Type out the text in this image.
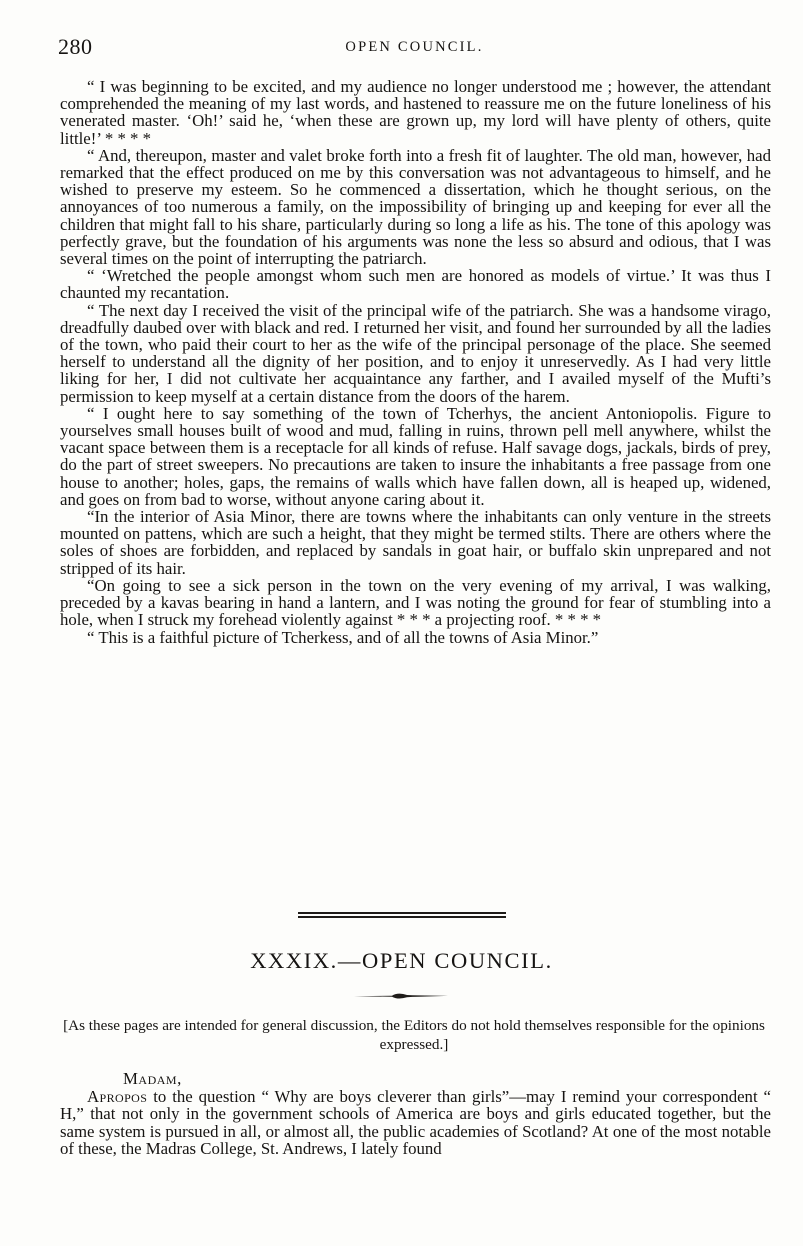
280	OPEN COUNCIL.

“ I was beginning to be excited, and my audience no longer understood me ; however, the attendant comprehended the meaning of my last words, and hastened to reassure me on the future loneliness of his venerated master. ‘Oh!’ said he, ‘when these are grown up, my lord will have plenty of others, quite little!’ * * * *

“ And, thereupon, master and valet broke forth into a fresh fit of laughter. The old man, however, had remarked that the effect produced on me by this conversation was not advantageous to himself, and he wished to preserve my esteem. So he commenced a dissertation, which he thought serious, on the annoyances of too numerous a family, on the impossibility of bringing up and keeping for ever all the children that might fall to his share, particularly during so long a life as his. The tone of this apology was perfectly grave, but the foundation of his arguments was none the less so absurd and odious, that I was several times on the point of interrupting the patriarch.

“ ‘Wretched the people amongst whom such men are honored as models of virtue.’ It was thus I chaunted my recantation.

“ The next day I received the visit of the principal wife of the patriarch. She was a handsome virago, dreadfully daubed over with black and red. I returned her visit, and found her surrounded by all the ladies of the town, who paid their court to her as the wife of the principal personage of the place. She seemed herself to understand all the dignity of her position, and to enjoy it unreservedly. As I had very little liking for her, I did not cultivate her acquaintance any farther, and I availed myself of the Mufti’s permission to keep myself at a certain distance from the doors of the harem.

“ I ought here to say something of the town of Tcherhys, the ancient Antoniopolis. Figure to yourselves small houses built of wood and mud, falling in ruins, thrown pell mell anywhere, whilst the vacant space between them is a receptacle for all kinds of refuse. Half savage dogs, jackals, birds of prey, do the part of street sweepers. No precautions are taken to insure the inhabitants a free passage from one house to another; holes, gaps, the remains of walls which have fallen down, all is heaped up, widened, and goes on from bad to worse, without anyone caring about it.

“In the interior of Asia Minor, there are towns where the inhabitants can only venture in the streets mounted on pattens, which are such a height, that they might be termed stilts. There are others where the soles of shoes are forbidden, and replaced by sandals in goat hair, or buffalo skin unprepared and not stripped of its hair.

“On going to see a sick person in the town on the very evening of my arrival, I was walking, preceded by a kavas bearing in hand a lantern, and I was noting the ground for fear of stumbling into a hole, when I struck my forehead violently against * * * a projecting roof. * * * *

“ This is a faithful picture of Tcherkess, and of all the towns of Asia Minor.”

XXXIX.—OPEN COUNCIL.
[As these pages are intended for general discussion, the Editors do not hold themselves responsible for the opinions expressed.]

Madam,

Apropos to the question “ Why are boys cleverer than girls”—may I remind your correspondent “ H,” that not only in the government schools of America are boys and girls educated together, but the same system is pursued in all, or almost all, the public academies of Scotland? At one of the most notable of these, the Madras College, St. Andrews, I lately found
